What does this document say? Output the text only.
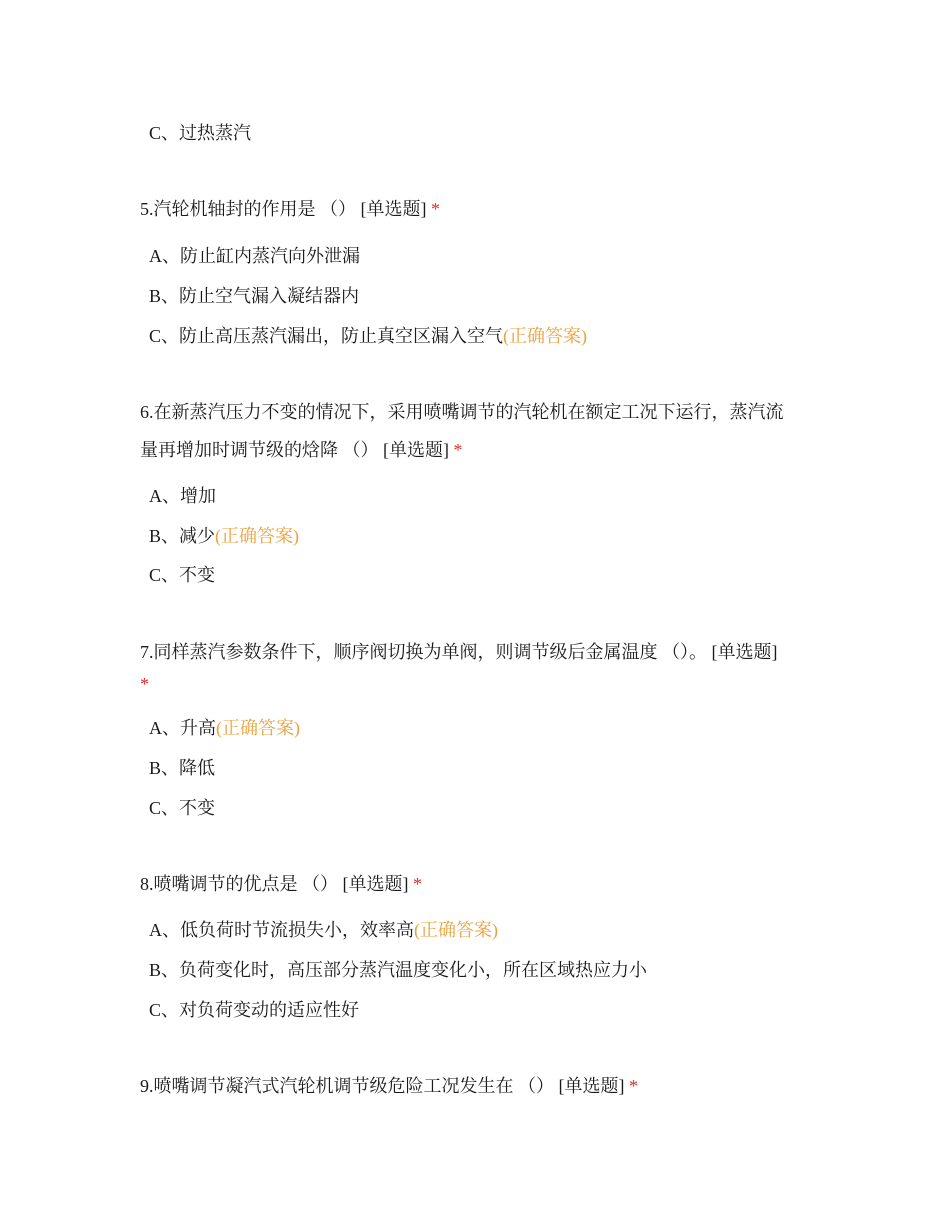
C、过热蒸汽
5.汽轮机轴封的作用是 （） [单选题] *
A、防止缸内蒸汽向外泄漏
B、防止空气漏入凝结器内
C、防止高压蒸汽漏出，防止真空区漏入空气(正确答案)
6.在新蒸汽压力不变的情况下，采用喷嘴调节的汽轮机在额定工况下运行，蒸汽流
量再增加时调节级的焓降 （） [单选题] *
A、增加
B、减少(正确答案)
C、不变
7.同样蒸汽参数条件下，顺序阀切换为单阀，则调节级后金属温度 （）。 [单选题]
*
A、升高(正确答案)
B、降低
C、不变
8.喷嘴调节的优点是 （） [单选题] *
A、低负荷时节流损失小，效率高(正确答案)
B、负荷变化时，高压部分蒸汽温度变化小，所在区域热应力小
C、对负荷变动的适应性好
9.喷嘴调节凝汽式汽轮机调节级危险工况发生在 （） [单选题] *
